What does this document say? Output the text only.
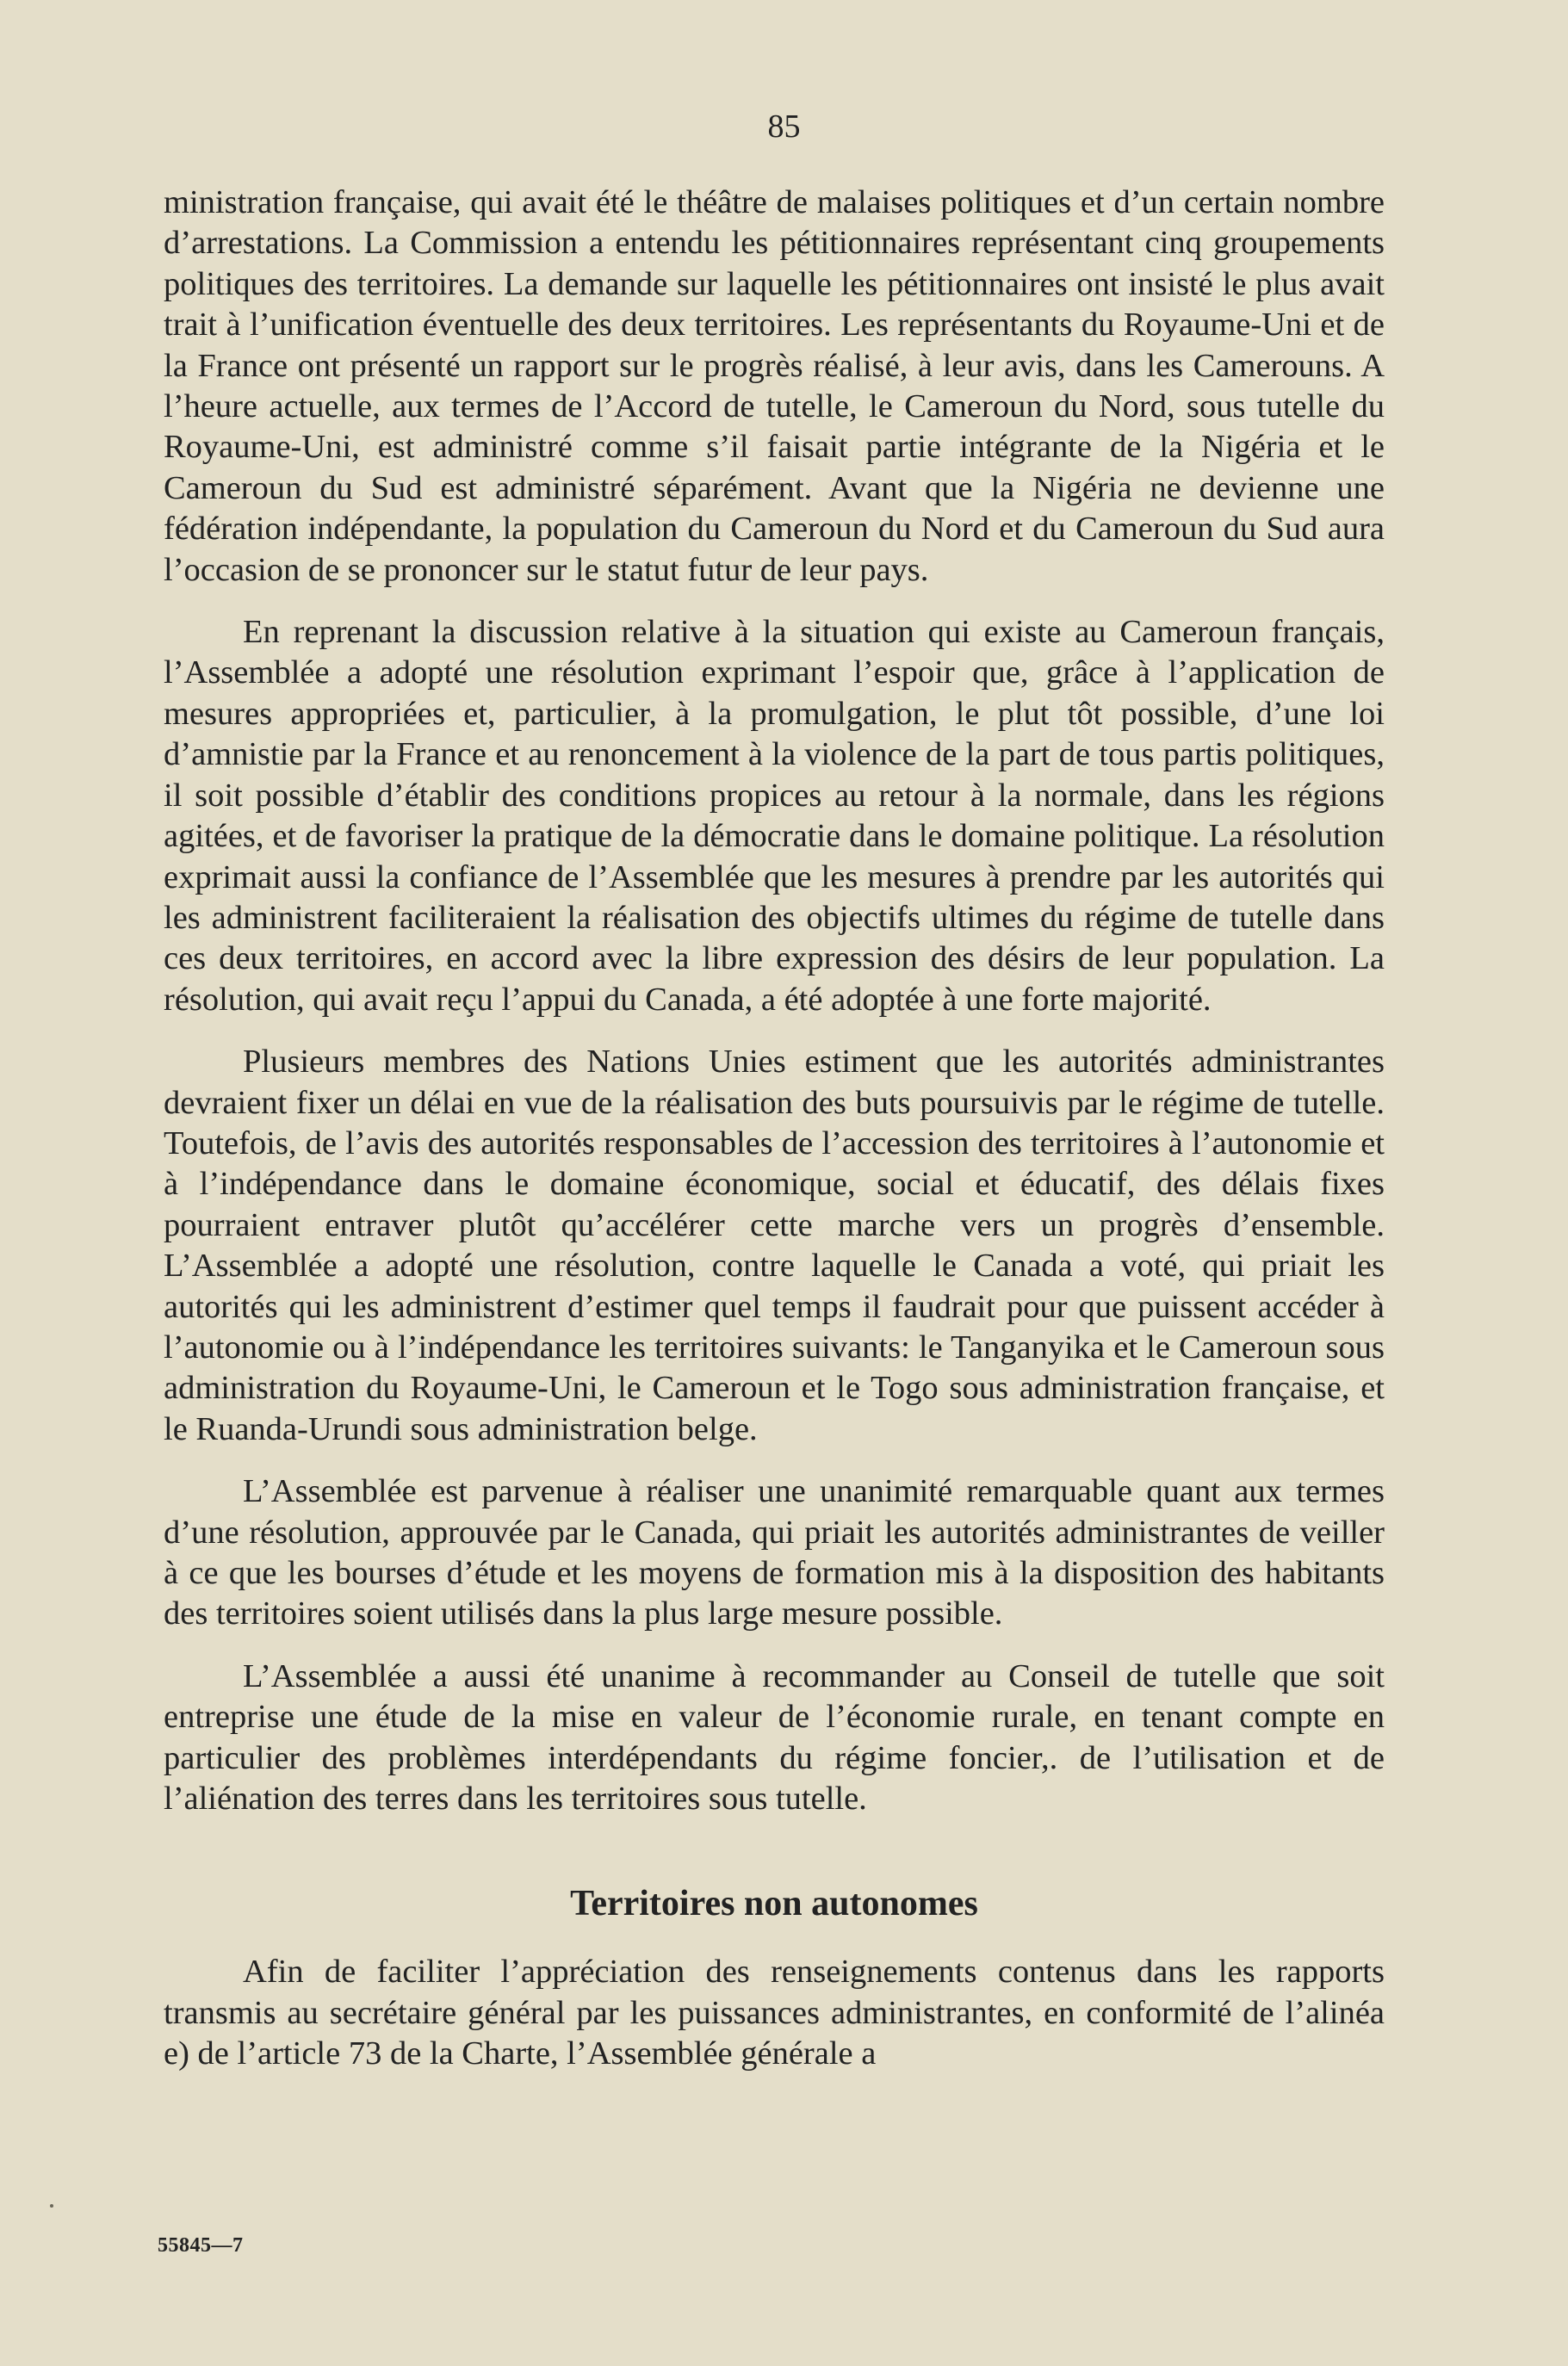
85

ministration française, qui avait été le théâtre de malaises politiques et d’un certain nombre d’arrestations. La Commission a entendu les pétitionnaires représentant cinq groupements politiques des territoires. La demande sur laquelle les pétitionnaires ont insisté le plus avait trait à l’unification éventuelle des deux territoires. Les représentants du Royaume-Uni et de la France ont présenté un rapport sur le progrès réalisé, à leur avis, dans les Camerouns. A l’heure actuelle, aux termes de l’Accord de tutelle, le Cameroun du Nord, sous tutelle du Royaume-Uni, est administré comme s’il faisait partie intégrante de la Nigéria et le Cameroun du Sud est administré séparément. Avant que la Nigéria ne devienne une fédération indépendante, la population du Cameroun du Nord et du Cameroun du Sud aura l’occasion de se prononcer sur le statut futur de leur pays.

En reprenant la discussion relative à la situation qui existe au Cameroun français, l’Assemblée a adopté une résolution exprimant l’espoir que, grâce à l’application de mesures appropriées et, particulier, à la promulgation, le plut tôt possible, d’une loi d’amnistie par la France et au renoncement à la violence de la part de tous partis politiques, il soit possible d’établir des conditions propices au retour à la normale, dans les régions agitées, et de favoriser la pratique de la démocratie dans le domaine politique. La résolution exprimait aussi la confiance de l’Assemblée que les mesures à prendre par les autorités qui les administrent faciliteraient la réalisation des objectifs ultimes du régime de tutelle dans ces deux territoires, en accord avec la libre expression des désirs de leur population. La résolution, qui avait reçu l’appui du Canada, a été adoptée à une forte majorité.

Plusieurs membres des Nations Unies estiment que les autorités administrantes devraient fixer un délai en vue de la réalisation des buts poursuivis par le régime de tutelle. Toutefois, de l’avis des autorités responsables de l’accession des territoires à l’autonomie et à l’indépendance dans le domaine économique, social et éducatif, des délais fixes pourraient entraver plutôt qu’accélérer cette marche vers un progrès d’ensemble. L’Assemblée a adopté une résolution, contre laquelle le Canada a voté, qui priait les autorités qui les administrent d’estimer quel temps il faudrait pour que puissent accéder à l’autonomie ou à l’indépendance les territoires suivants: le Tanganyika et le Cameroun sous administration du Royaume-Uni, le Cameroun et le Togo sous administration française, et le Ruanda-Urundi sous administration belge.

L’Assemblée est parvenue à réaliser une unanimité remarquable quant aux termes d’une résolution, approuvée par le Canada, qui priait les autorités administrantes de veiller à ce que les bourses d’étude et les moyens de formation mis à la disposition des habitants des territoires soient utilisés dans la plus large mesure possible.

L’Assemblée a aussi été unanime à recommander au Conseil de tutelle que soit entreprise une étude de la mise en valeur de l’économie rurale, en tenant compte en particulier des problèmes interdépendants du régime foncier,. de l’utilisation et de l’aliénation des terres dans les territoires sous tutelle.

Territoires non autonomes

Afin de faciliter l’appréciation des renseignements contenus dans les rapports transmis au secrétaire général par les puissances administrantes, en conformité de l’alinéa e) de l’article 73 de la Charte, l’Assemblée générale a

55845—7
